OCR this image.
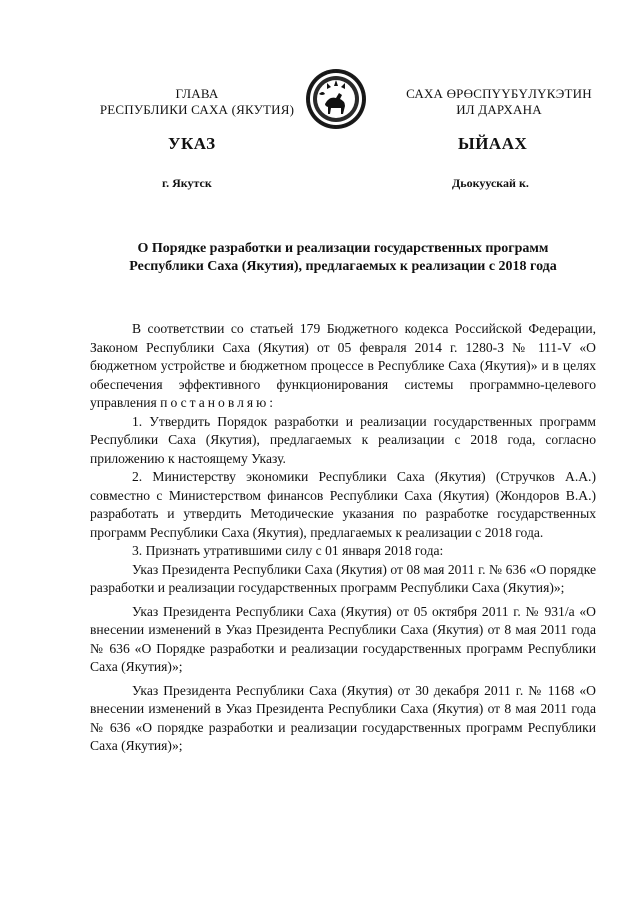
ГЛАВА
РЕСПУБЛИКИ САХА (ЯКУТИЯ)
САХА ӨРӨСПҮҮБҮЛҮКЭТИН
ИЛ ДАРХАНА
УКАЗ	ЫЙААХ
г. Якутск	Дьокуускай к.
О Порядке разработки и реализации государственных программ
Республики Саха (Якутия), предлагаемых к реализации с 2018 года

В соответствии со статьей 179 Бюджетного кодекса Российской Федерации, Законом Республики Саха (Якутия) от 05 февраля 2014 г. 1280-З № 111-V «О бюджетном устройстве и бюджетном процессе в Республике Саха (Якутия)» и в целях обеспечения эффективного функционирования системы программно-целевого управления постановляю:

1. Утвердить Порядок разработки и реализации государственных программ Республики Саха (Якутия), предлагаемых к реализации с 2018 года, согласно приложению к настоящему Указу.

2. Министерству экономики Республики Саха (Якутия) (Стручков А.А.) совместно с Министерством финансов Республики Саха (Якутия) (Жондоров В.А.) разработать и утвердить Методические указания по разработке государственных программ Республики Саха (Якутия), предлагаемых к реализации с 2018 года.

3. Признать утратившими силу с 01 января 2018 года:

Указ Президента Республики Саха (Якутия) от 08 мая 2011 г. № 636 «О порядке разработки и реализации государственных программ Республики Саха (Якутия)»;

Указ Президента Республики Саха (Якутия) от 05 октября 2011 г. № 931/а «О внесении изменений в Указ Президента Республики Саха (Якутия) от 8 мая 2011 года № 636 «О Порядке разработки и реализации государственных программ Республики Саха (Якутия)»;

Указ Президента Республики Саха (Якутия) от 30 декабря 2011 г. № 1168 «О внесении изменений в Указ Президента Республики Саха (Якутия) от 8 мая 2011 года № 636 «О порядке разработки и реализации государственных программ Республики Саха (Якутия)»;
